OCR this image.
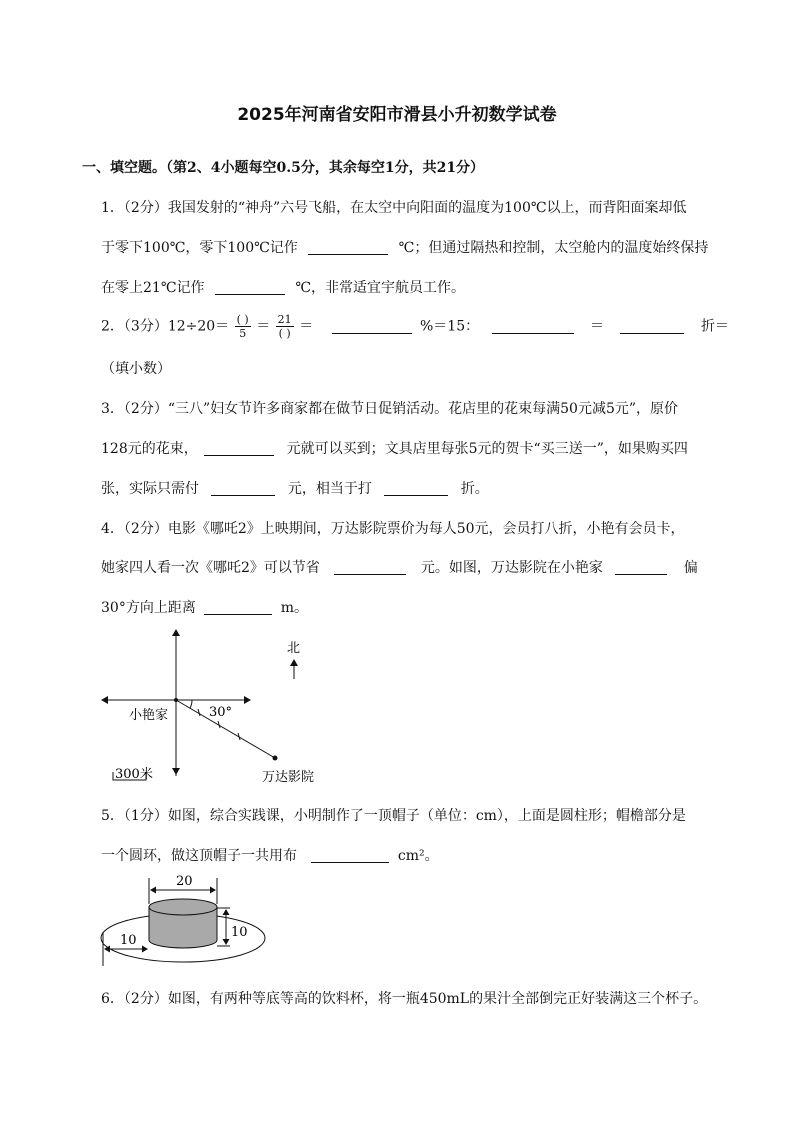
2025年河南省安阳市滑县小升初数学试卷
一、填空题。（第2、4小题每空0.5分，其余每空1分，共21分）
1．（2分）我国发射的“神舟”六号飞船，在太空中向阳面的温度为100℃以上，而背阳面案却低
于零下100℃，零下100℃记作	℃；但通过隔热和控制，太空舱内的温度始终保持
在零上21℃记作	℃，非常适宜宇航员工作。
2．（3分）$12\div 20= \frac{( )}{5} = \frac{21}{( )}$ ＝	%＝15：	＝	折＝
（填小数）
3．（2分）“三八”妇女节许多商家都在做节日促销活动。花店里的花束每满50元减5元”，原价
128元的花束，	元就可以买到；文具店里每张5元的贺卡“买三送一”，如果购买四
张，实际只需付	元，相当于打	折。
4．（2分）电影《哪吒2》上映期间，万达影院票价为每人50元，会员打八折，小艳有会员卡，
她家四人看一次《哪吒2》可以节省	元。如图，万达影院在小艳家	偏
30°方向上距离	m。
30°
小艳家
万达影院
北
300米
5．（1分）如图，综合实践课，小明制作了一顶帽子（单位：cm），上面是圆柱形；帽檐部分是
一个圆环，做这顶帽子一共用布	cm²。
20
10
10
6．（2分）如图，有两种等底等高的饮料杯，将一瓶450mL的果汁全部倒完正好装满这三个杯子。
